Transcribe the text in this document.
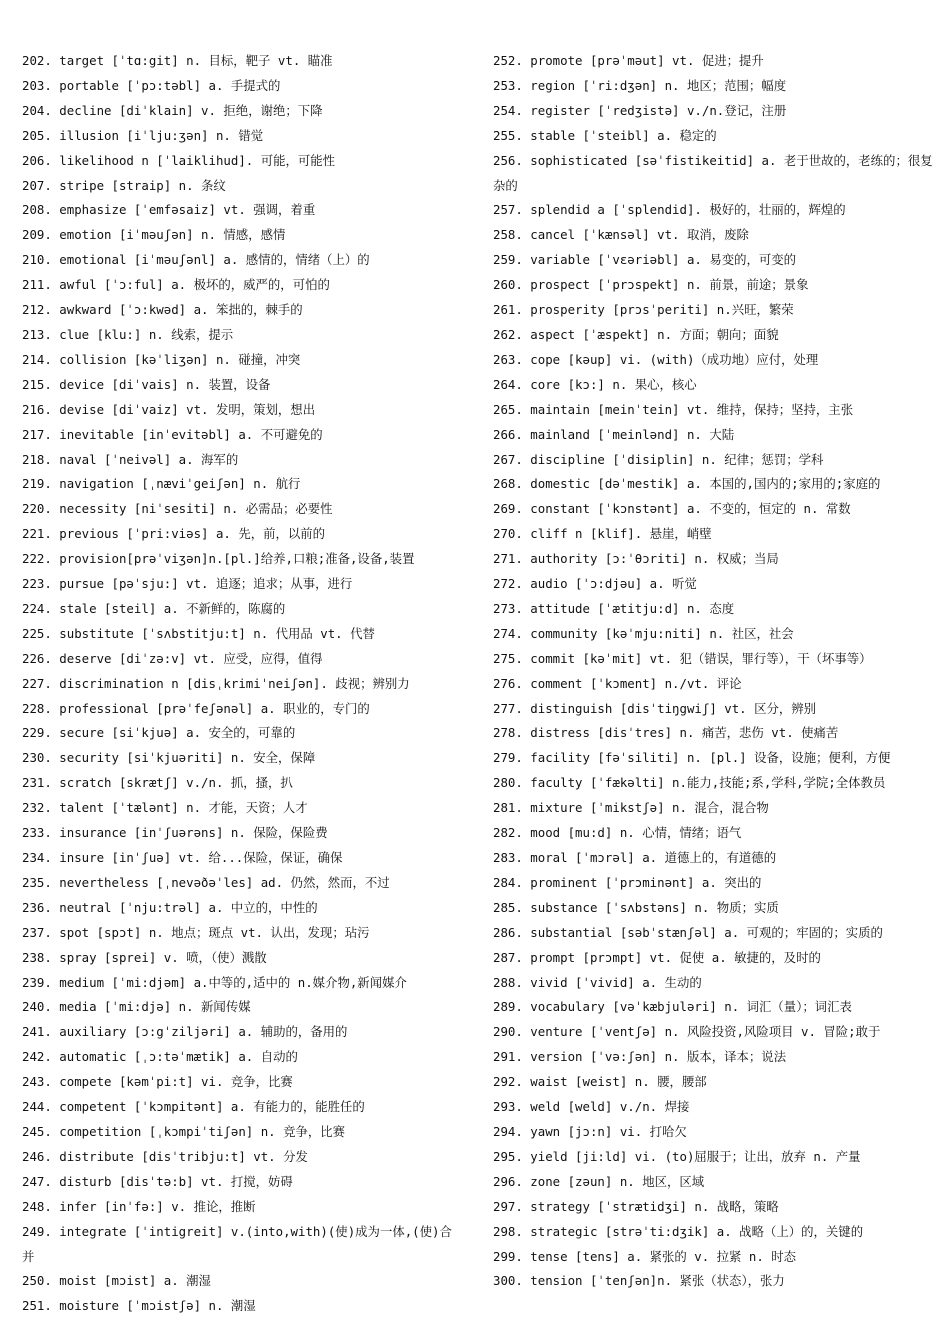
202. target [ˈtɑ:git] n. 目标，靶子 vt. 瞄准
203. portable [ˈpɔ:təbl] a. 手提式的
204. decline [diˈklain] v. 拒绝，谢绝；下降
205. illusion [iˈlju:ʒən] n. 错觉
206. likelihood n [ˈlaiklihud]. 可能，可能性
207. stripe [straip] n. 条纹
208. emphasize [ˈemfəsaiz] vt. 强调，着重
209. emotion [iˈməuʃən] n. 情感，感情
210. emotional [iˈməuʃənl] a. 感情的，情绪（上）的
211. awful [ˈɔ:ful] a. 极坏的，威严的，可怕的
212. awkward [ˈɔ:kwəd] a. 笨拙的，棘手的
213. clue [klu:] n. 线索，提示
214. collision [kəˈliʒən] n. 碰撞，冲突
215. device [diˈvais] n. 装置，设备
216. devise [diˈvaiz] vt. 发明，策划，想出
217. inevitable [inˈevitəbl] a. 不可避免的
218. naval [ˈneivəl] a. 海军的
219. navigation [ˌnæviˈgeiʃən] n. 航行
220. necessity [niˈsesiti] n. 必需品；必要性
221. previous [ˈpri:viəs] a. 先，前，以前的
222. provision[prəˈviʒən]n.[pl.]给养,口粮;准备,设备,装置
223. pursue [pəˈsju:] vt. 追逐；追求；从事，进行
224. stale [steil] a. 不新鲜的，陈腐的
225. substitute [ˈsʌbstitju:t] n. 代用品 vt. 代替
226. deserve [diˈzə:v] vt. 应受，应得，值得
227. discrimination n [disˌkrimiˈneiʃən]. 歧视；辨别力
228. professional [prəˈfeʃənəl] a. 职业的，专门的
229. secure [siˈkjuə] a. 安全的，可靠的
230. security [siˈkjuəriti] n. 安全，保障
231. scratch [skrætʃ] v./n. 抓，搔，扒
232. talent [ˈtælənt] n. 才能，天资；人才
233. insurance [inˈʃuərəns] n. 保险，保险费
234. insure [inˈʃuə] vt. 给...保险，保证，确保
235. nevertheless [ˌnevəðəˈles] ad. 仍然，然而，不过
236. neutral [ˈnju:trəl] a. 中立的，中性的
237. spot [spɔt] n. 地点；斑点 vt. 认出，发现；玷污
238. spray [sprei] v. 喷，（使）溅散
239. medium [ˈmi:djəm] a.中等的,适中的 n.媒介物,新闻媒介
240. media [ˈmi:djə] n. 新闻传媒
241. auxiliary [ɔ:gˈziljəri] a. 辅助的，备用的
242. automatic [ˌɔ:təˈmætik] a. 自动的
243. compete [kəmˈpi:t] vi. 竞争，比赛
244. competent [ˈkɔmpitənt] a. 有能力的，能胜任的
245. competition [ˌkɔmpiˈtiʃən] n. 竞争，比赛
246. distribute [disˈtribju:t] vt. 分发
247. disturb [disˈtə:b] vt. 打搅，妨碍
248. infer [inˈfə:] v. 推论，推断
249. integrate [ˈintigreit] v.(into,with)(使)成为一体,(使)合并
250. moist [mɔist] a. 潮湿
251. moisture [ˈmɔistʃə] n. 潮湿
252. promote [prəˈməut] vt. 促进；提升
253. region [ˈri:dʒən] n. 地区；范围；幅度
254. register [ˈredʒistə] v./n.登记，注册
255. stable [ˈsteibl] a. 稳定的
256. sophisticated [səˈfistikeitid] a. 老于世故的，老练的；很复杂的
257. splendid a [ˈsplendid]. 极好的，壮丽的，辉煌的
258. cancel [ˈkænsəl] vt. 取消，废除
259. variable [ˈvɛəriəbl] a. 易变的，可变的
260. prospect [ˈprɔspekt] n. 前景，前途；景象
261. prosperity [prɔsˈperiti] n.兴旺，繁荣
262. aspect [ˈæspekt] n. 方面；朝向；面貌
263. cope [kəup] vi. (with)（成功地）应付，处理
264. core [kɔ:] n. 果心，核心
265. maintain [meinˈtein] vt. 维持，保持；坚持，主张
266. mainland [ˈmeinlənd] n. 大陆
267. discipline [ˈdisiplin] n. 纪律；惩罚；学科
268. domestic [dəˈmestik] a. 本国的,国内的;家用的;家庭的
269. constant [ˈkɔnstənt] a. 不变的，恒定的 n. 常数
270. cliff n [klif]. 悬崖，峭壁
271. authority [ɔ:ˈθɔriti] n. 权威；当局
272. audio [ˈɔ:djəu] a. 听觉
273. attitude [ˈætitju:d] n. 态度
274. community [kəˈmju:niti] n. 社区，社会
275. commit [kəˈmit] vt. 犯（错误，罪行等），干（坏事等）
276. comment [ˈkɔment] n./vt. 评论
277. distinguish [disˈtiŋgwiʃ] vt. 区分，辨别
278. distress [disˈtres] n. 痛苦，悲伤 vt. 使痛苦
279. facility [fəˈsiliti] n. [pl.] 设备，设施；便利，方便
280. faculty [ˈfækəlti] n.能力,技能;系,学科,学院;全体教员
281. mixture [ˈmikstʃə] n. 混合，混合物
282. mood [mu:d] n. 心情，情绪；语气
283. moral [ˈmɔrəl] a. 道德上的，有道德的
284. prominent [ˈprɔminənt] a. 突出的
285. substance [ˈsʌbstəns] n. 物质；实质
286. substantial [səbˈstænʃəl] a. 可观的；牢固的；实质的
287. prompt [prɔmpt] vt. 促使 a. 敏捷的，及时的
288. vivid [ˈvivid] a. 生动的
289. vocabulary [vəˈkæbjuləri] n. 词汇（量）；词汇表
290. venture [ˈventʃə] n. 风险投资,风险项目 v. 冒险;敢于
291. version [ˈvə:ʃən] n. 版本，译本；说法
292. waist [weist] n. 腰，腰部
293. weld [weld] v./n. 焊接
294. yawn [jɔ:n] vi. 打哈欠
295. yield [ji:ld] vi. (to)屈服于；让出，放弃 n. 产量
296. zone [zəun] n. 地区，区域
297. strategy [ˈstrætidʒi] n. 战略，策略
298. strategic [strəˈti:dʒik] a. 战略（上）的，关键的
299. tense [tens] a. 紧张的 v. 拉紧 n. 时态
300. tension [ˈtenʃən]n. 紧张（状态），张力
